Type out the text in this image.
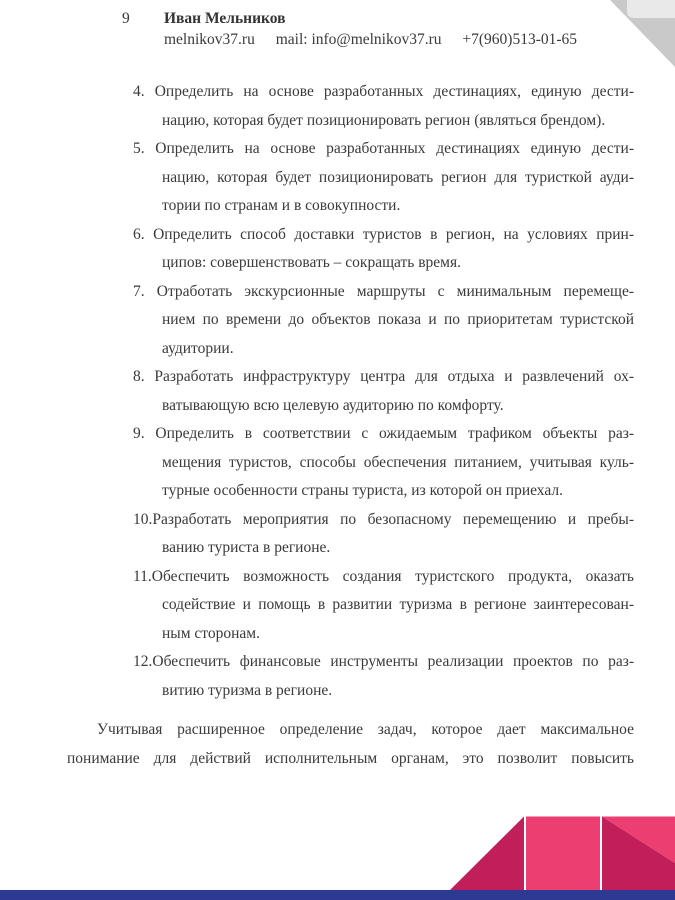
9 Иван Мельников
melnikov37.ru mail: info@melnikov37.ru +7(960)513-01-65
4. Определить на основе разработанных дестинациях, единую дести-
нацию, которая будет позиционировать регион (являться брендом).
5. Определить на основе разработанных дестинациях единую дести-
нацию, которая будет позиционировать регион для туристкой ауди-
тории по странам и в совокупности.
6. Определить способ доставки туристов в регион, на условиях прин-
ципов: совершенствовать – сокращать время.
7. Отработать экскурсионные маршруты с минимальным перемеще-
нием по времени до объектов показа и по приоритетам туристской
аудитории.
8. Разработать инфраструктуру центра для отдыха и развлечений ох-
ватывающую всю целевую аудиторию по комфорту.
9. Определить в соответствии с ожидаемым трафиком объекты раз-
мещения туристов, способы обеспечения питанием, учитывая куль-
турные особенности страны туриста, из которой он приехал.
10.Разработать мероприятия по безопасному перемещению и пребы-
ванию туриста в регионе.
11.Обеспечить возможность создания туристского продукта, оказать
содействие и помощь в развитии туризма в регионе заинтересован-
ным сторонам.
12.Обеспечить финансовые инструменты реализации проектов по раз-
витию туризма в регионе.
Учитывая расширенное определение задач, которое дает максимальное
понимание для действий исполнительным органам, это позволит повысить
